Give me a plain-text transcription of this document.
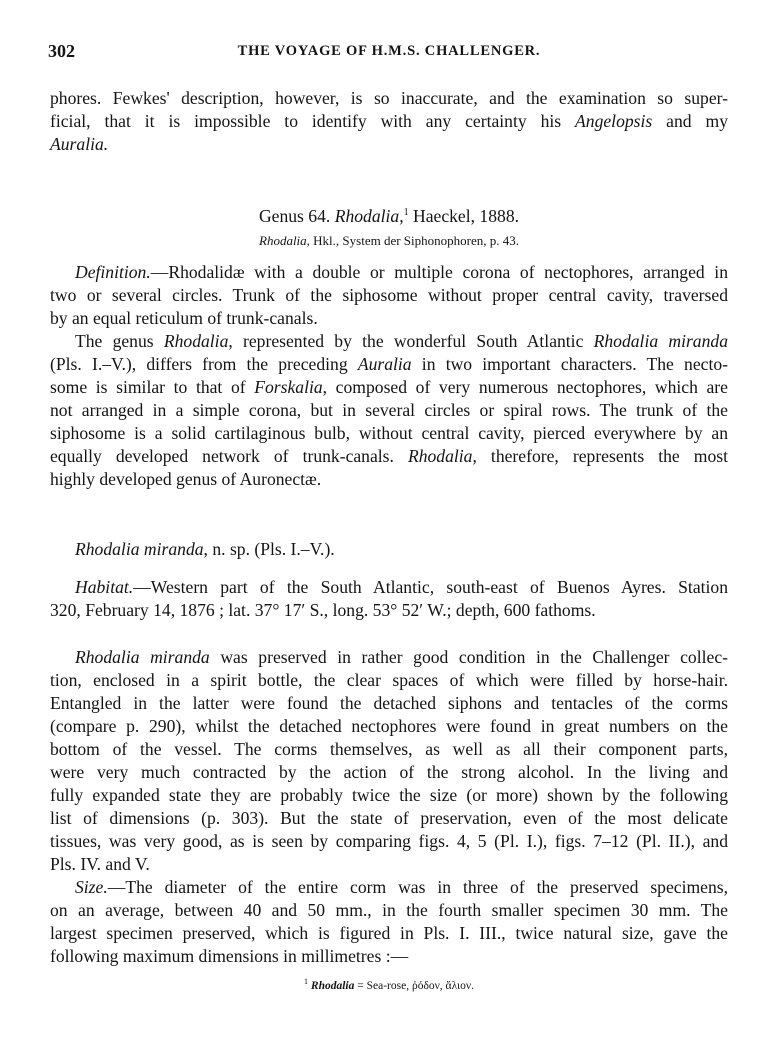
302	THE VOYAGE OF H.M.S. CHALLENGER.

phores. Fewkes' description, however, is so inaccurate, and the examination so super-

ficial, that it is impossible to identify with any certainty his Angelopsis and my

Auralia.

Genus 64. Rhodalia,$^1$ Haeckel, 1888.
Rhodalia, Hkl., System der Siphonophoren, p. 43.

Definition.—Rhodalidæ with a double or multiple corona of nectophores, arranged in

two or several circles. Trunk of the siphosome without proper central cavity, traversed

by an equal reticulum of trunk-canals.

The genus Rhodalia, represented by the wonderful South Atlantic Rhodalia miranda

(Pls. I.–V.), differs from the preceding Auralia in two important characters. The necto-

some is similar to that of Forskalia, composed of very numerous nectophores, which are

not arranged in a simple corona, but in several circles or spiral rows. The trunk of the

siphosome is a solid cartilaginous bulb, without central cavity, pierced everywhere by an

equally developed network of trunk-canals. Rhodalia, therefore, represents the most

highly developed genus of Auronectæ.

Rhodalia miranda, n. sp. (Pls. I.–V.).

Habitat.—Western part of the South Atlantic, south-east of Buenos Ayres. Station

320, February 14, 1876 ; lat. 37° 17′ S., long. 53° 52′ W.; depth, 600 fathoms.

Rhodalia miranda was preserved in rather good condition in the Challenger collec-

tion, enclosed in a spirit bottle, the clear spaces of which were filled by horse-hair.

Entangled in the latter were found the detached siphons and tentacles of the corms

(compare p. 290), whilst the detached nectophores were found in great numbers on the

bottom of the vessel. The corms themselves, as well as all their component parts,

were very much contracted by the action of the strong alcohol. In the living and

fully expanded state they are probably twice the size (or more) shown by the following

list of dimensions (p. 303). But the state of preservation, even of the most delicate

tissues, was very good, as is seen by comparing figs. 4, 5 (Pl. I.), figs. 7–12 (Pl. II.), and

Pls. IV. and V.

Size.—The diameter of the entire corm was in three of the preserved specimens,

on an average, between 40 and 50 mm., in the fourth smaller specimen 30 mm. The

largest specimen preserved, which is figured in Pls. I. III., twice natural size, gave the

following maximum dimensions in millimetres :—

$^1$ Rhodalia = Sea-rose, ῥόδον, ἅλιον.
